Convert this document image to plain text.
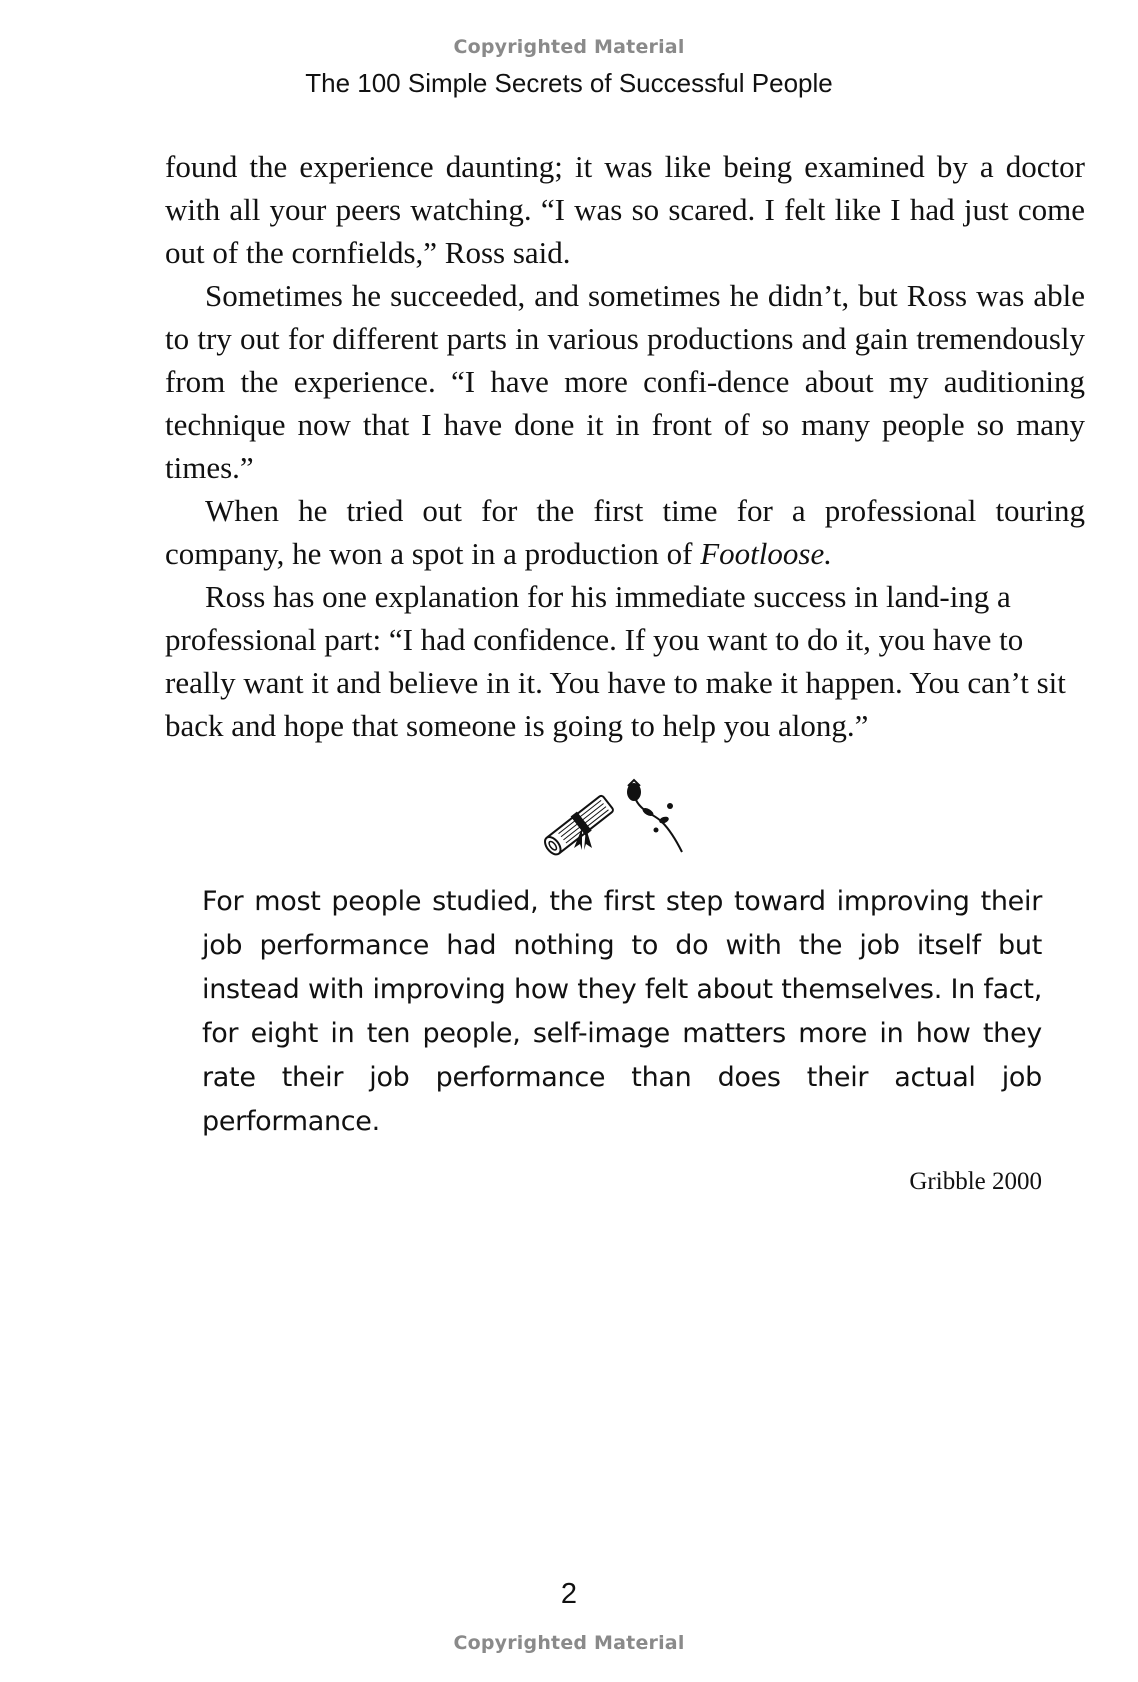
Copyrighted Material
The 100 Simple Secrets of Successful People

found the experience daunting; it was like being examined by a doctor with all your peers watching. “I was so scared. I felt like I had just come out of the cornfields,” Ross said.

Sometimes he succeeded, and sometimes he didn’t, but Ross was able to try out for different parts in various productions and gain tremendously from the experience. “I have more confi-dence about my auditioning technique now that I have done it in front of so many people so many times.”

When he tried out for the first time for a professional touring company, he won a spot in a production of Footloose.

Ross has one explanation for his immediate success in land-ing a professional part: “I had confidence. If you want to do it, you have to really want it and believe in it. You have to make it happen. You can’t sit back and hope that someone is going to help you along.”

For most people studied, the first step toward improving their job performance had nothing to do with the job itself but instead with improving how they felt about themselves. In fact, for eight in ten people, self-image matters more in how they rate their job performance than does their actual job performance.
Gribble 2000
2
Copyrighted Material
